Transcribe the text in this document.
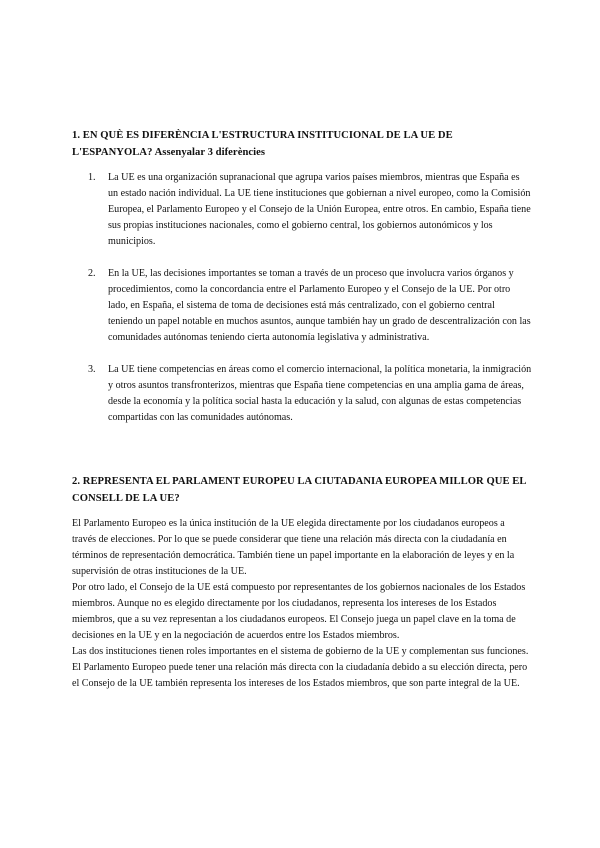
1. EN QUÈ ES DIFERÈNCIA L'ESTRUCTURA INSTITUCIONAL DE LA UE DE L'ESPANYOLA? Assenyalar 3 diferències
1. La UE es una organización supranacional que agrupa varios países miembros, mientras que España es un estado nación individual. La UE tiene instituciones que gobiernan a nivel europeo, como la Comisión Europea, el Parlamento Europeo y el Consejo de la Unión Europea, entre otros. En cambio, España tiene sus propias instituciones nacionales, como el gobierno central, los gobiernos autonómicos y los municipios.
2. En la UE, las decisiones importantes se toman a través de un proceso que involucra varios órganos y procedimientos, como la concordancia entre el Parlamento Europeo y el Consejo de la UE. Por otro lado, en España, el sistema de toma de decisiones está más centralizado, con el gobierno central teniendo un papel notable en muchos asuntos, aunque también hay un grado de descentralización con las comunidades autónomas teniendo cierta autonomía legislativa y administrativa.
3. La UE tiene competencias en áreas como el comercio internacional, la política monetaria, la inmigración y otros asuntos transfronterizos, mientras que España tiene competencias en una amplia gama de áreas, desde la economía y la política social hasta la educación y la salud, con algunas de estas competencias compartidas con las comunidades autónomas.
2. REPRESENTA EL PARLAMENT EUROPEU LA CIUTADANIA EUROPEA MILLOR QUE EL CONSELL DE LA UE?

El Parlamento Europeo es la única institución de la UE elegida directamente por los ciudadanos europeos a través de elecciones. Por lo que se puede considerar que tiene una relación más directa con la ciudadanía en términos de representación democrática. También tiene un papel importante en la elaboración de leyes y en la supervisión de otras instituciones de la UE.

Por otro lado, el Consejo de la UE está compuesto por representantes de los gobiernos nacionales de los Estados miembros. Aunque no es elegido directamente por los ciudadanos, representa los intereses de los Estados miembros, que a su vez representan a los ciudadanos europeos. El Consejo juega un papel clave en la toma de decisiones en la UE y en la negociación de acuerdos entre los Estados miembros.

Las dos instituciones tienen roles importantes en el sistema de gobierno de la UE y complementan sus funciones. El Parlamento Europeo puede tener una relación más directa con la ciudadanía debido a su elección directa, pero el Consejo de la UE también representa los intereses de los Estados miembros, que son parte integral de la UE.
